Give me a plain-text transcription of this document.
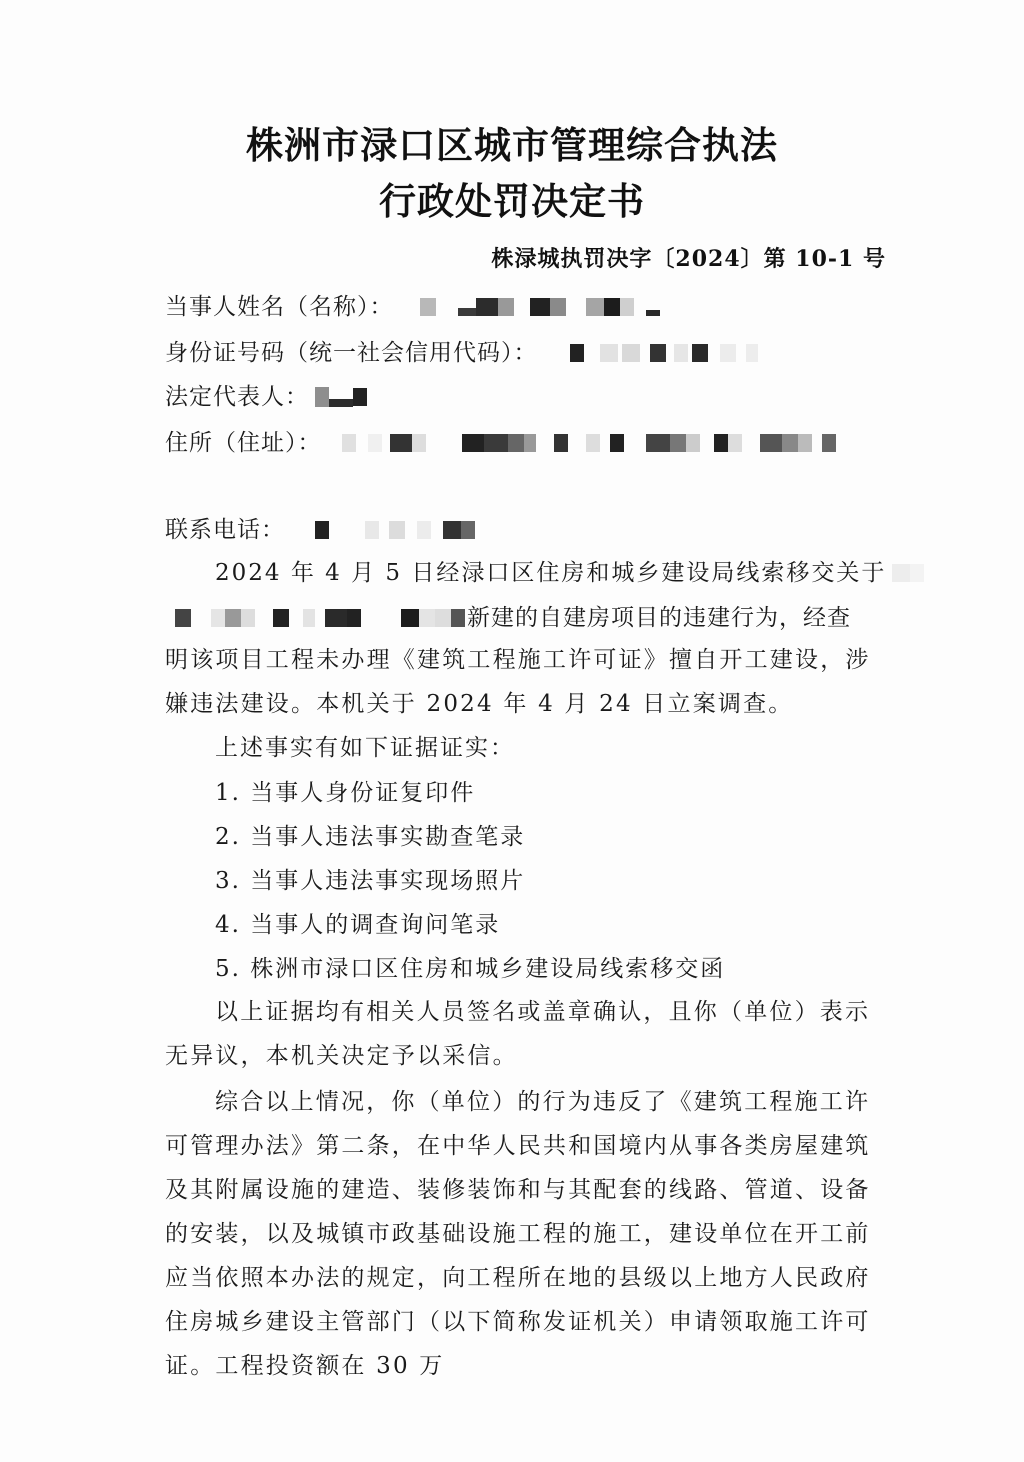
株洲市渌口区城市管理综合执法
行政处罚决定书
株渌城执罚决字〔2024〕第 10-1 号
当事人姓名（名称）：
身份证号码（统一社会信用代码）：
法定代表人：
住所（住址）：
联系电话：
2024 年 4 月 5 日经渌口区住房和城乡建设局线索移交关于
新建的自建房项目的违建行为，经查

明该项目工程未办理《建筑工程施工许可证》擅自开工建设，涉嫌违法建设。本机关于 2024 年 4 月 24 日立案调查。

上述事实有如下证据证实：
1. 当事人身份证复印件
2. 当事人违法事实勘查笔录
3. 当事人违法事实现场照片
4. 当事人的调查询问笔录
5. 株洲市渌口区住房和城乡建设局线索移交函

以上证据均有相关人员签名或盖章确认，且你（单位）表示无异议，本机关决定予以采信。

综合以上情况，你（单位）的行为违反了《建筑工程施工许可管理办法》第二条，在中华人民共和国境内从事各类房屋建筑及其附属设施的建造、装修装饰和与其配套的线路、管道、设备的安装，以及城镇市政基础设施工程的施工，建设单位在开工前应当依照本办法的规定，向工程所在地的县级以上地方人民政府住房城乡建设主管部门（以下简称发证机关）申请领取施工许可证。工程投资额在 30 万
